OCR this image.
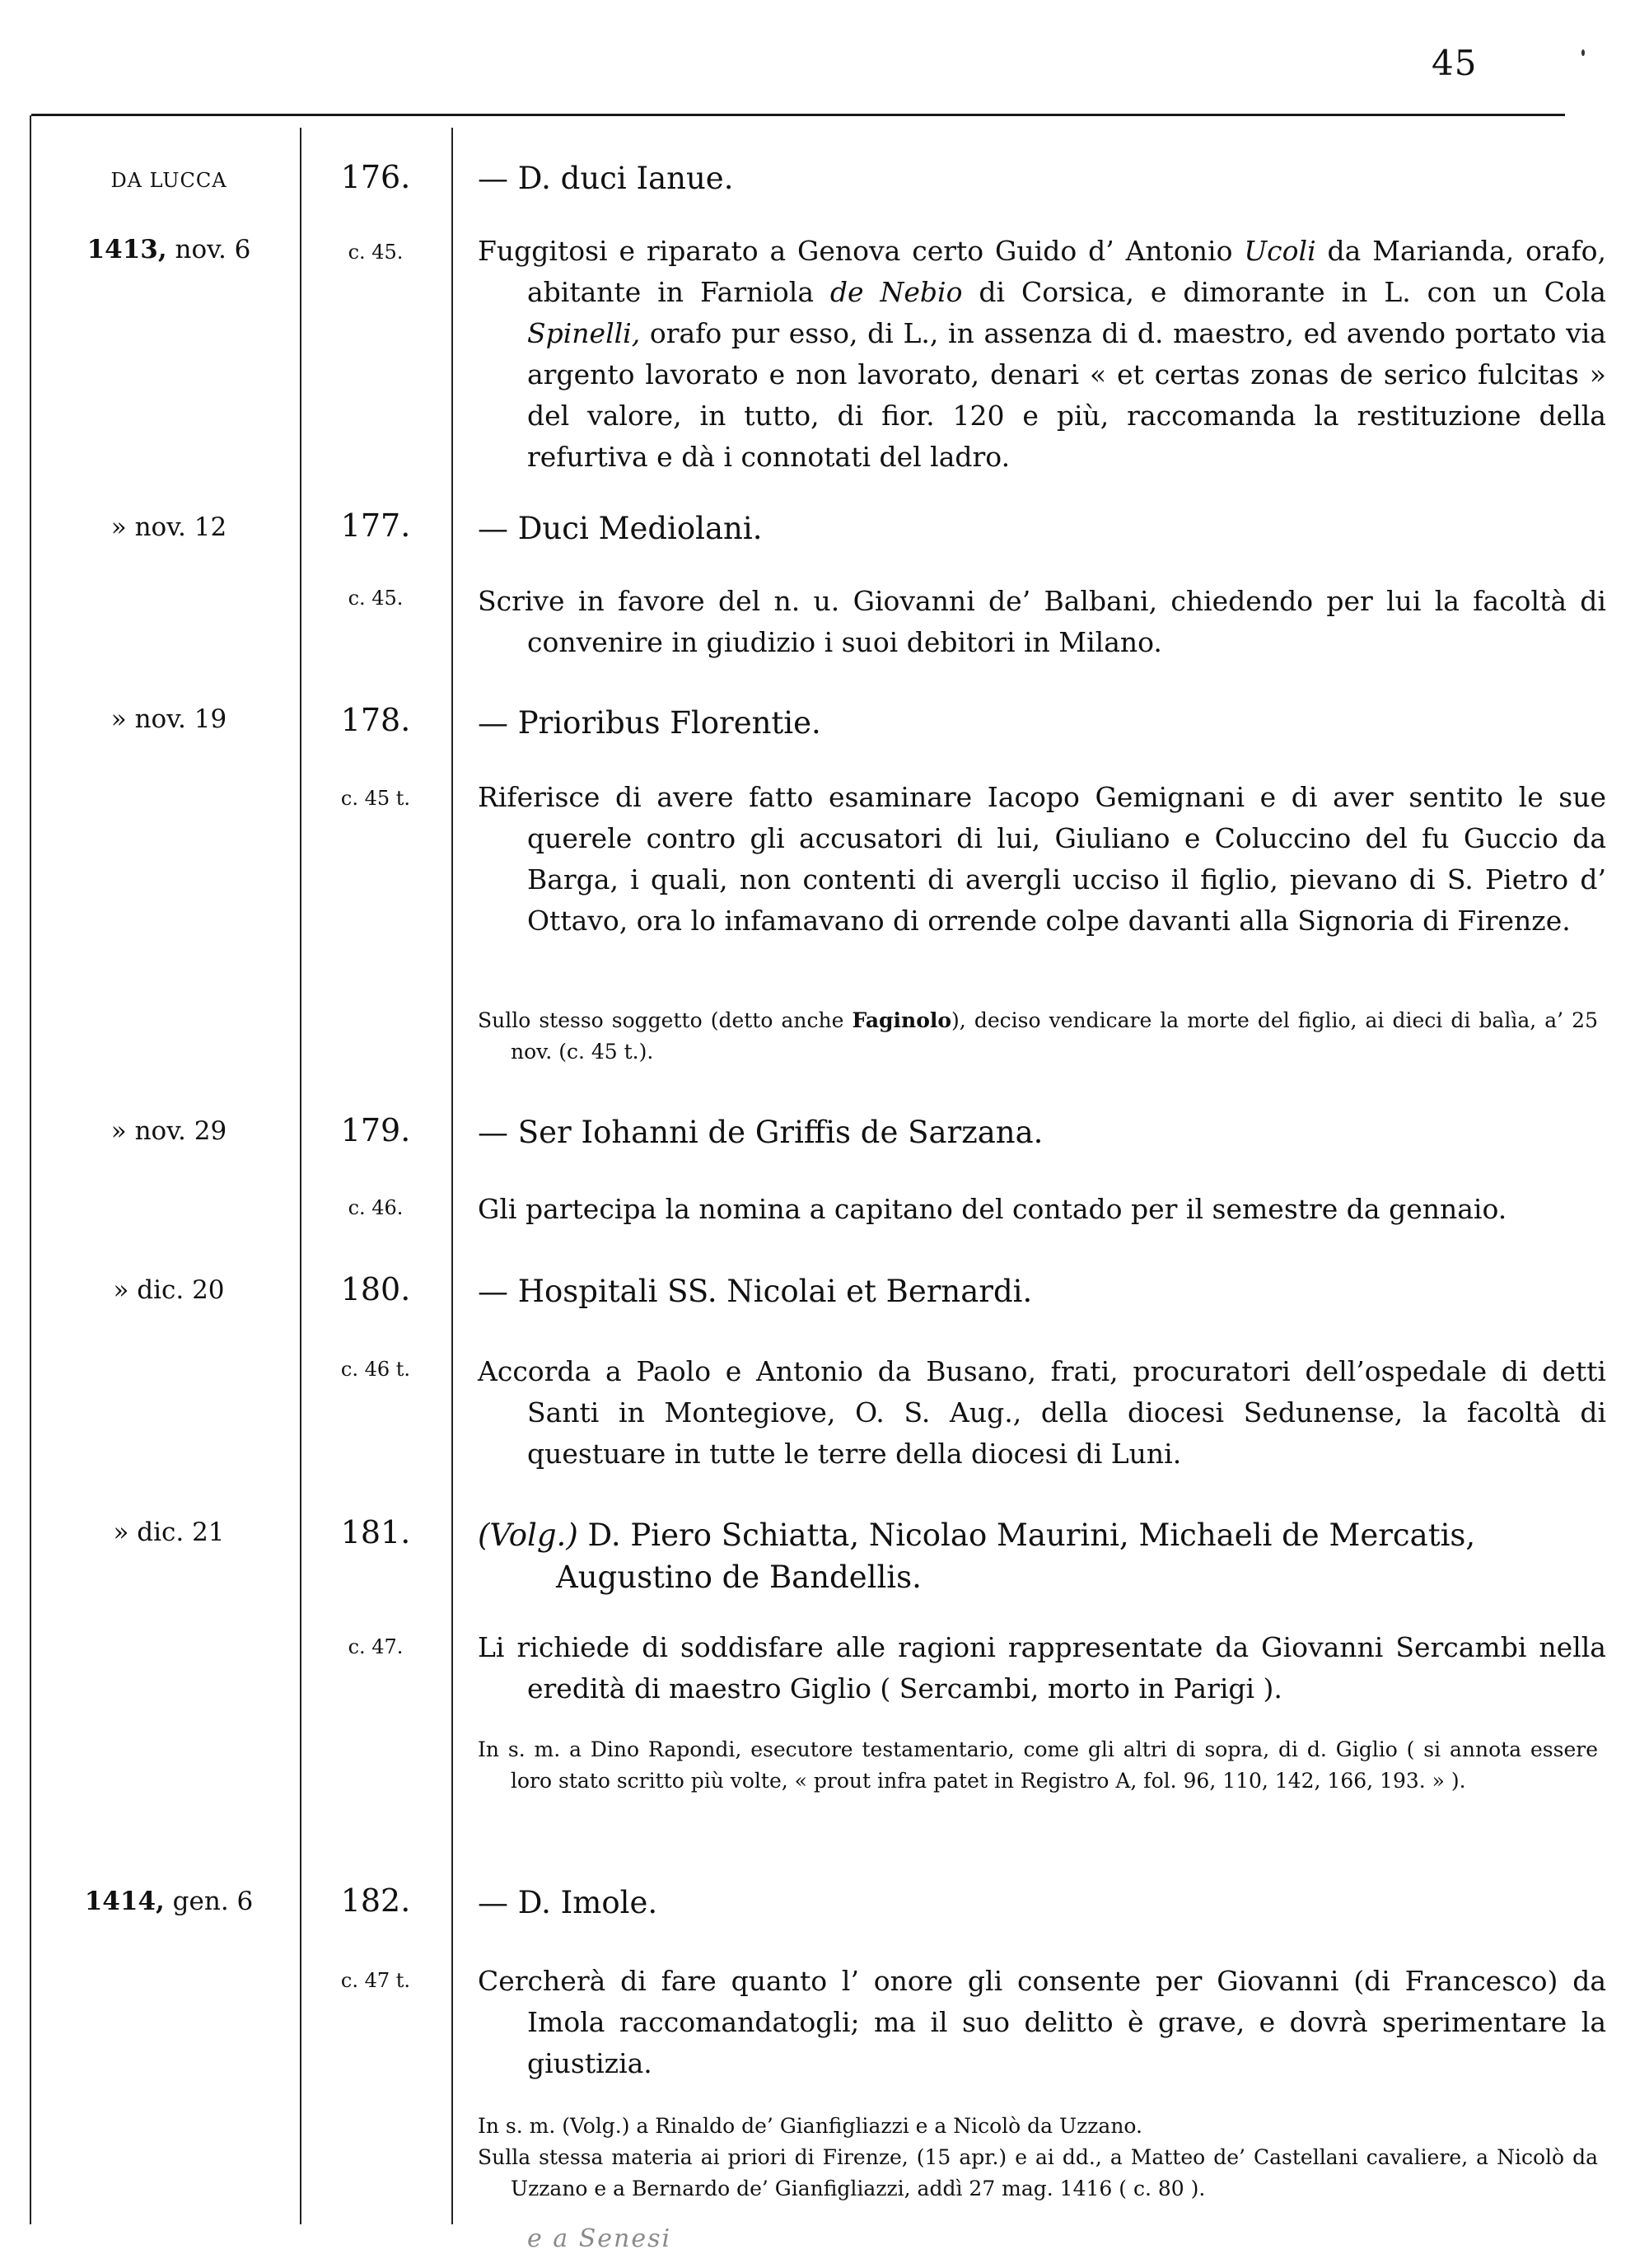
45
DA LUCCA	176.	— D. duci Ianue.
1413, nov. 6	c. 45.	Fuggitosi e riparato a Genova certo Guido d’ Antonio Ucoli da Marianda, orafo, abitante in Farniola de Nebio di Corsica, e dimorante in L. con un Cola Spinelli, orafo pur esso, di L., in assenza di d. maestro, ed avendo portato via argento lavorato e non lavorato, denari « et certas zonas de serico fulcitas » del valore, in tutto, di fior. 120 e più, raccomanda la restituzione della refurtiva e dà i connotati del ladro.
» nov. 12	177.	— Duci Mediolani.
c. 45.	Scrive in favore del n. u. Giovanni de’ Balbani, chiedendo per lui la facoltà di convenire in giudizio i suoi debitori in Milano.
» nov. 19	178.	— Prioribus Florentie.
c. 45 t.	Riferisce di avere fatto esaminare Iacopo Gemignani e di aver sentito le sue querele contro gli accusatori di lui, Giuliano e Coluccino del fu Guccio da Barga, i quali, non contenti di avergli ucciso il figlio, pievano di S. Pietro d’ Ottavo, ora lo infamavano di orrende colpe davanti alla Signoria di Firenze.
Sullo stesso soggetto (detto anche Faginolo), deciso vendicare la morte del figlio, ai dieci di balìa, a’ 25 nov. (c. 45 t.).
» nov. 29	179.	— Ser Iohanni de Griffis de Sarzana.
c. 46.	Gli partecipa la nomina a capitano del contado per il semestre da gennaio.
» dic. 20	180.	— Hospitali SS. Nicolai et Bernardi.
c. 46 t.	Accorda a Paolo e Antonio da Busano, frati, procuratori dell’ospedale di detti Santi in Montegiove, O. S. Aug., della diocesi Sedunense, la facoltà di questuare in tutte le terre della diocesi di Luni.
» dic. 21	181.	(Volg.) D. Piero Schiatta, Nicolao Maurini, Michaeli de Mercatis,
Augustino de Bandellis.
c. 47.	Li richiede di soddisfare alle ragioni rappresentate da Giovanni Sercambi nella eredità di maestro Giglio ( Sercambi, morto in Parigi ).
In s. m. a Dino Rapondi, esecutore testamentario, come gli altri di sopra, di d. Giglio ( si annota essere loro stato scritto più volte, « prout infra patet in Registro A, fol. 96, 110, 142, 166, 193. » ).
1414, gen. 6	182.	— D. Imole.
c. 47 t.	Cercherà di fare quanto l’ onore gli consente per Giovanni (di Francesco) da Imola raccomandatogli; ma il suo delitto è grave, e dovrà sperimentare la giustizia.
In s. m. (Volg.) a Rinaldo de’ Gianfigliazzi e a Nicolò da Uzzano.
Sulla stessa materia ai priori di Firenze, (15 apr.) e ai dd., a Matteo de’ Castellani cavaliere, a Nicolò da Uzzano e a Bernardo de’ Gianfigliazzi, addì 27 mag. 1416 ( c. 80 ).
e a Senesi
